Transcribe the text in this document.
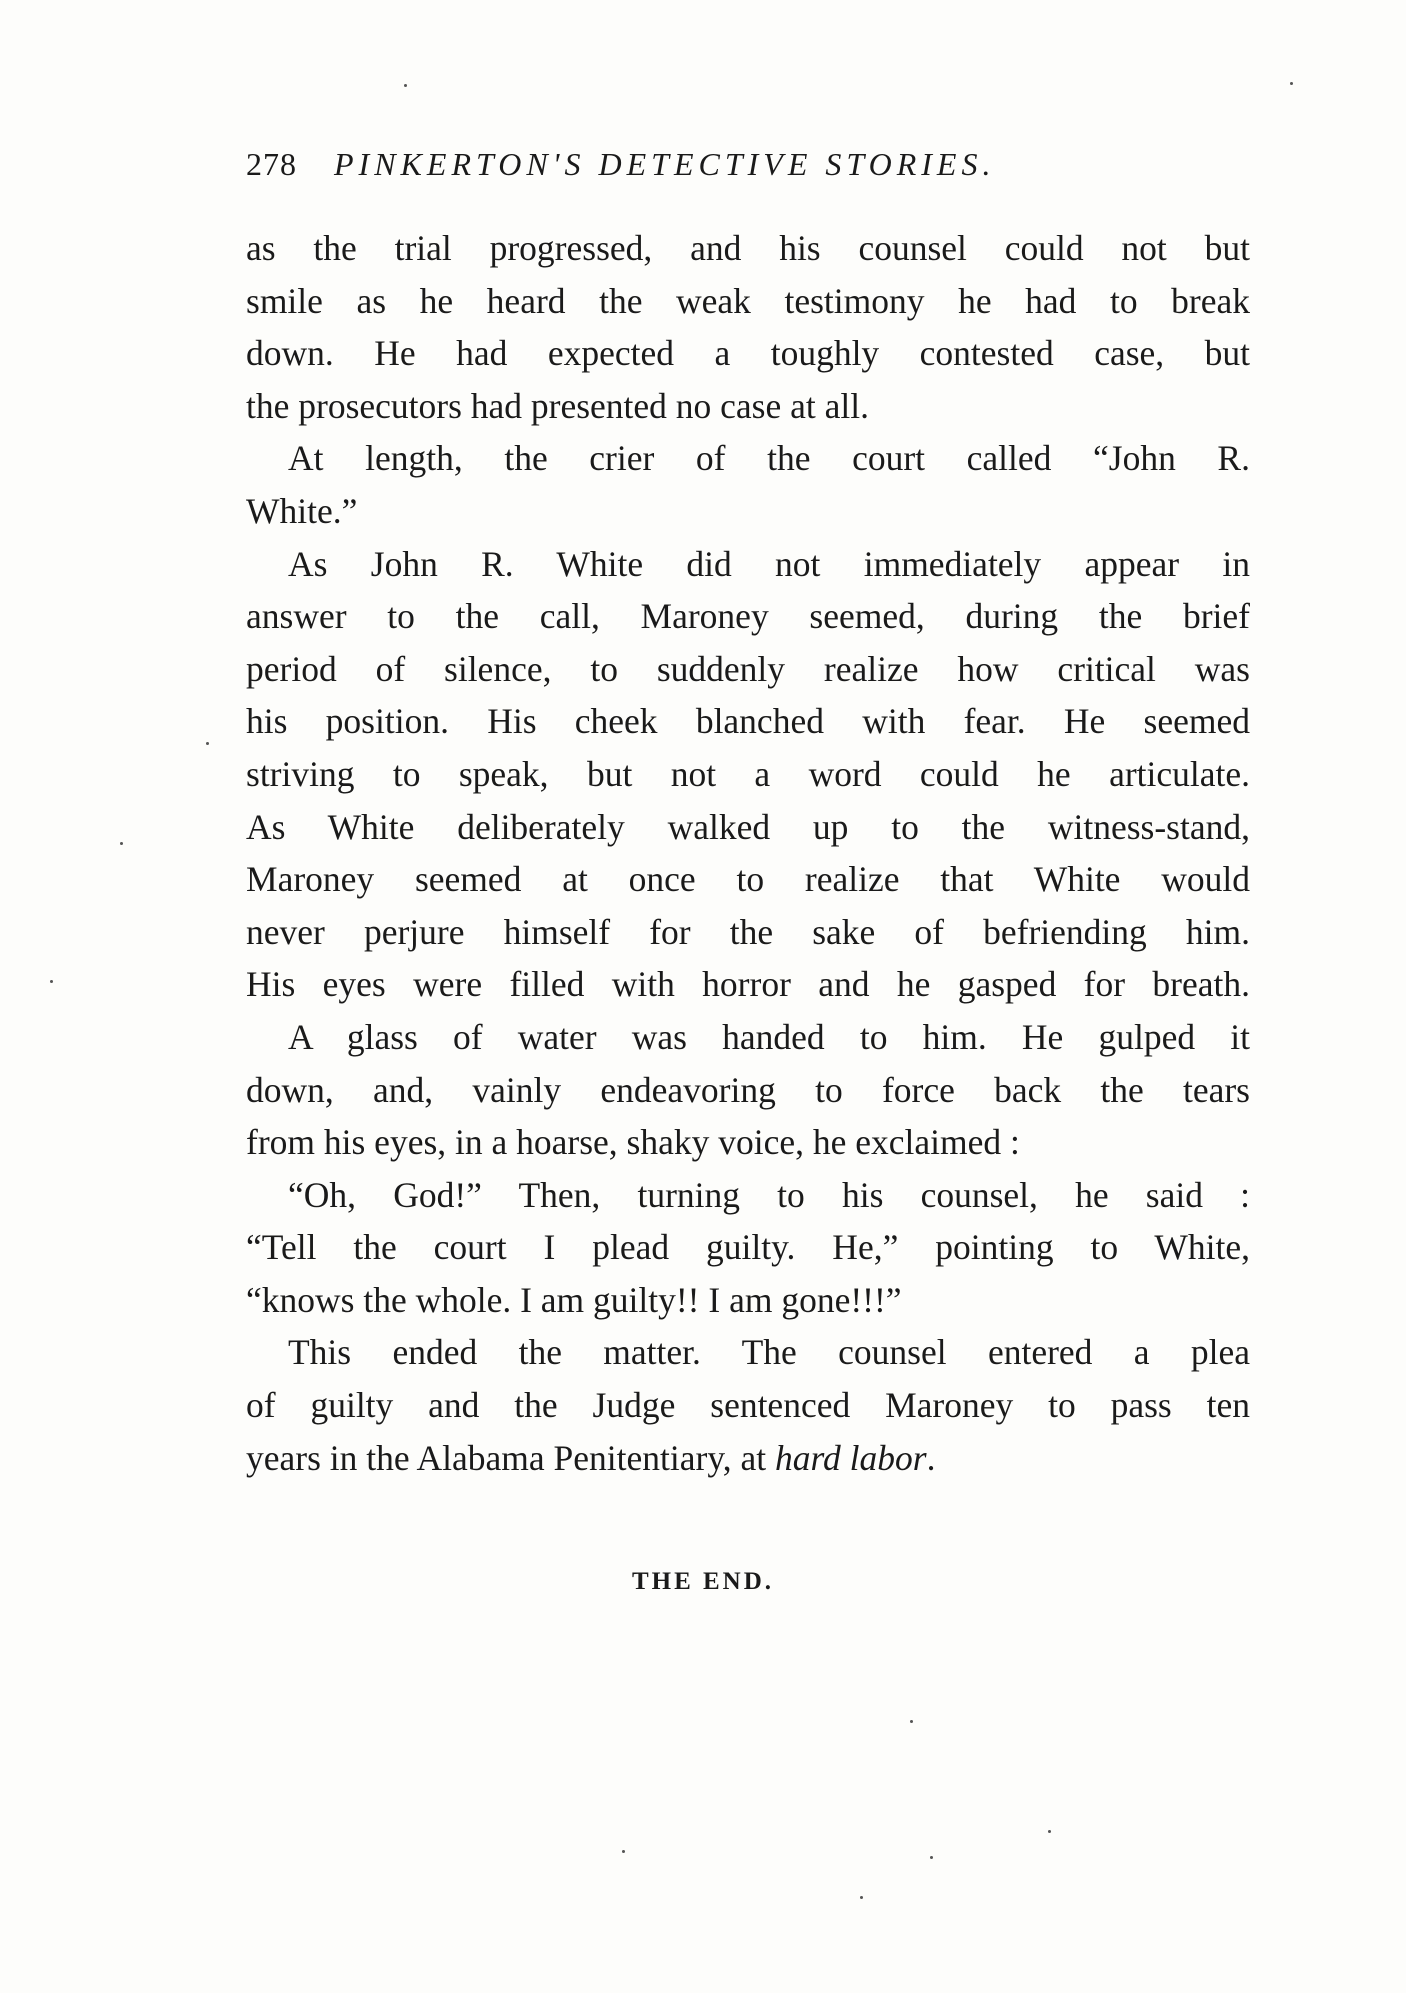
278 PINKERTON'S DETECTIVE STORIES.
as the trial progressed, and his counsel could not but
smile as he heard the weak testimony he had to break
down. He had expected a toughly contested case, but
the prosecutors had presented no case at all.
At length, the crier of the court called “John R.
White.”
As John R. White did not immediately appear in
answer to the call, Maroney seemed, during the brief
period of silence, to suddenly realize how critical was
his position. His cheek blanched with fear. He seemed
striving to speak, but not a word could he articulate.
As White deliberately walked up to the witness-stand,
Maroney seemed at once to realize that White would
never perjure himself for the sake of befriending him.
His eyes were filled with horror and he gasped for breath.
A glass of water was handed to him. He gulped it
down, and, vainly endeavoring to force back the tears
from his eyes, in a hoarse, shaky voice, he exclaimed :
“Oh, God!” Then, turning to his counsel, he said :
“Tell the court I plead guilty. He,” pointing to White,
“knows the whole. I am guilty!! I am gone!!!”
This ended the matter. The counsel entered a plea
of guilty and the Judge sentenced Maroney to pass ten
years in the Alabama Penitentiary, at hard labor.
THE END.
